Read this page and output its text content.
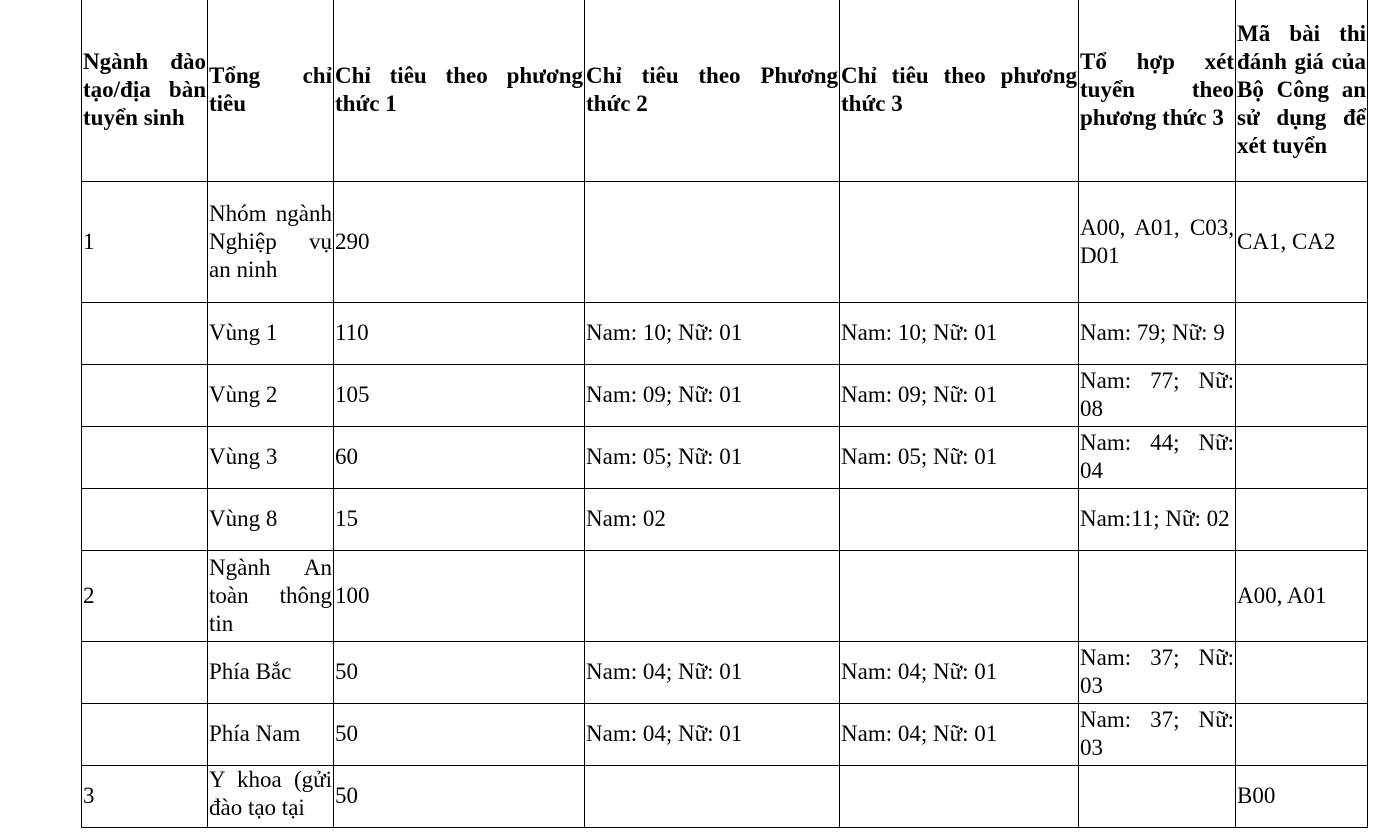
Ngành đào tạo/địa bàn tuyển sinh	Tổng chỉ tiêu	Chỉ tiêu theo phương thức 1	Chỉ tiêu theo Phương thức 2	Chỉ tiêu theo phương thức 3	Tổ hợp xét tuyển theo phương thức 3	Mã bài thi đánh giá của Bộ Công an sử dụng để xét tuyển
1	Nhóm ngành Nghiệp vụ an ninh	290			A00, A01, C03, D01	CA1, CA2
	Vùng 1	110	Nam: 10; Nữ: 01	Nam: 10; Nữ: 01	Nam: 79; Nữ: 9	
	Vùng 2	105	Nam: 09; Nữ: 01	Nam: 09; Nữ: 01	Nam: 77; Nữ: 08	
	Vùng 3	60	Nam: 05; Nữ: 01	Nam: 05; Nữ: 01	Nam: 44; Nữ: 04	
	Vùng 8	15	Nam: 02		Nam:11; Nữ: 02	
2	Ngành An toàn thông tin	100				A00, A01
	Phía Bắc	50	Nam: 04; Nữ: 01	Nam: 04; Nữ: 01	Nam: 37; Nữ: 03	
	Phía Nam	50	Nam: 04; Nữ: 01	Nam: 04; Nữ: 01	Nam: 37; Nữ: 03	
3	Y khoa (gửi đào tạo tại	50				B00
